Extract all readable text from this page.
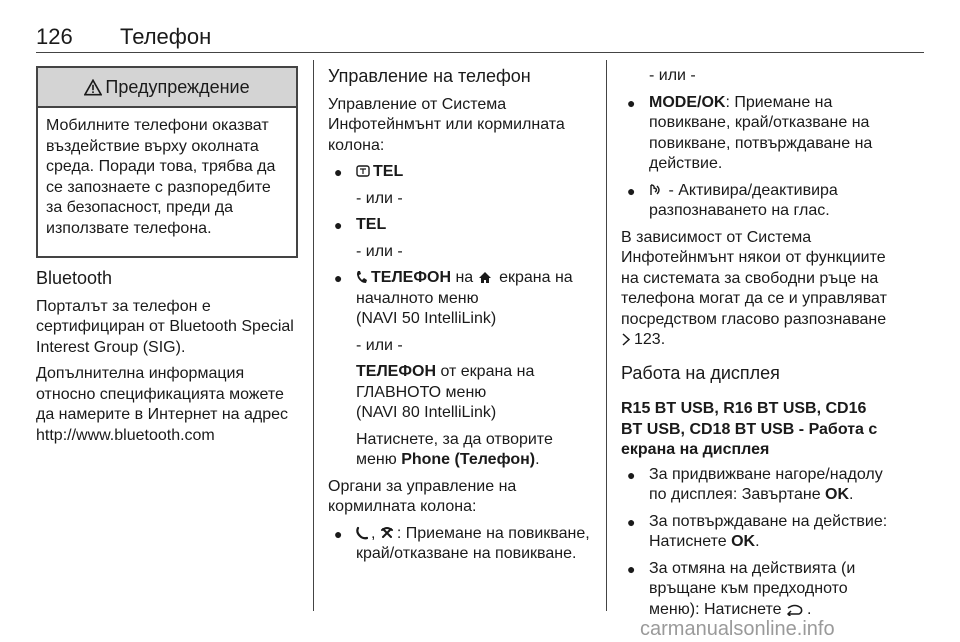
126 Телефон
Предупреждение
Мобилните телефони оказват въздействие върху околната среда. Поради това, трябва да се запознаете с разпоредбите за безопасност, преди да използвате телефона.
Bluetooth

Порталът за телефон е сертифициран от Bluetooth Special Interest Group (SIG).

Допълнителна информация относно спецификацията можете да намерите в Интернет на адрес http://www.bluetooth.com

Управление на телефон

Управление от Система Инфотейнмънт или кормилната колона:

● TEL

- или -

● TEL

- или -

● ТЕЛЕФОН на  екрана на началното меню
(NAVI 50 IntelliLink)

- или -

ТЕЛЕФОН от екрана на ГЛАВНОТО меню
(NAVI 80 IntelliLink)

Натиснете, за да отворите меню Phone (Телефон).

Органи за управление на кормилната колона:

● , : Приемане на повикване, край/отказване на повикване.

- или -

● MODE/OK: Приемане на повикване, край/отказване на повикване, потвърждаване на действие.
● - Активира/деактивира разпознаването на глас.

В зависимост от Система Инфотейнмънт някои от функциите на системата за свободни ръце на телефона могат да се и управляват посредством гласово разпознаване 123.

Работа на дисплея
R15 BT USB, R16 BT USB, CD16 BT USB, CD18 BT USB - Работа с екрана на дисплея
● За придвижване нагоре/надолу по дисплея: Завъртане OK.
● За потвърждаване на действие: Натиснете OK.
● За отмяна на действията (и връщане към предходното меню): Натиснете .
carmanualsonline.info
